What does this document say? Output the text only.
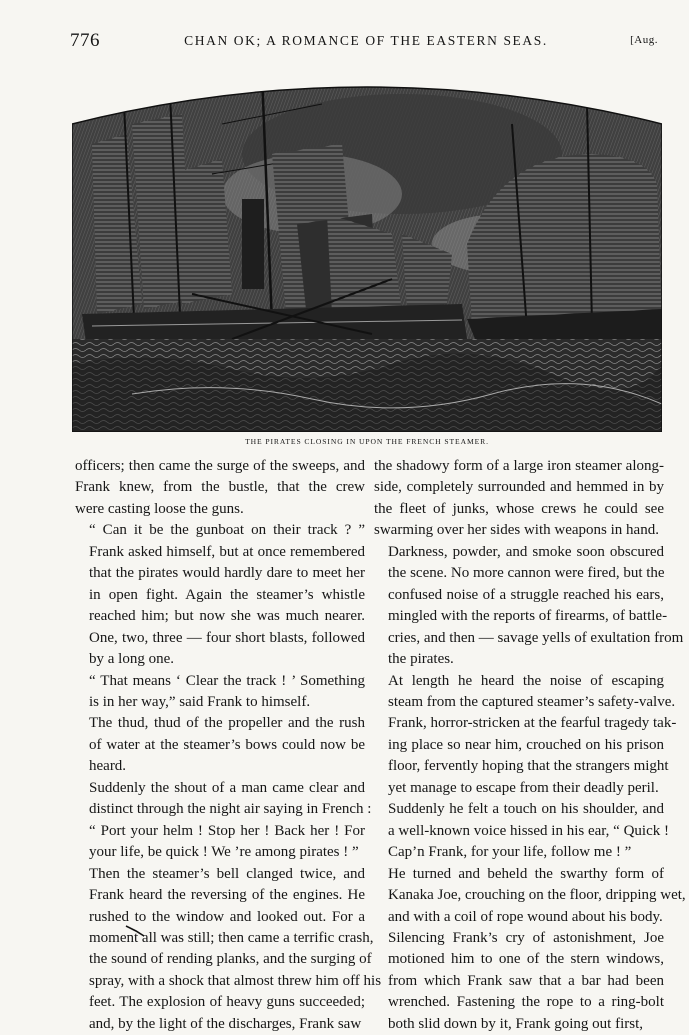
776	CHAN OK; A ROMANCE OF THE EASTERN SEAS.	[Aug.
THE PIRATES CLOSING IN UPON THE FRENCH STEAMER.

officers; then came the surge of the sweeps, and
Frank knew, from the bustle, that the crew
were casting loose the guns.

“ Can it be the gunboat on their track ? ”
Frank asked himself, but at once remembered
that the pirates would hardly dare to meet her
in open fight. Again the steamer’s whistle
reached him; but now she was much nearer.
One, two, three — four short blasts, followed
by a long one.

“ That means ‘ Clear the track ! ’ Something
is in her way,” said Frank to himself.

The thud, thud of the propeller and the rush
of water at the steamer’s bows could now be
heard.

Suddenly the shout of a man came clear and
distinct through the night air saying in French :

“ Port your helm ! Stop her ! Back her ! For
your life, be quick ! We ’re among pirates ! ”

Then the steamer’s bell clanged twice, and
Frank heard the reversing of the engines. He
rushed to the window and looked out. For a
moment all was still; then came a terrific crash,
the sound of rending planks, and the surging of
spray, with a shock that almost threw him off his
feet. The explosion of heavy guns succeeded;
and, by the light of the discharges, Frank saw

the shadowy form of a large iron steamer along-
side, completely surrounded and hemmed in by
the fleet of junks, whose crews he could see
swarming over her sides with weapons in hand.

Darkness, powder, and smoke soon obscured
the scene. No more cannon were fired, but the
confused noise of a struggle reached his ears,
mingled with the reports of firearms, of battle-
cries, and then — savage yells of exultation from
the pirates.

At length he heard the noise of escaping
steam from the captured steamer’s safety-valve.
Frank, horror-stricken at the fearful tragedy tak-
ing place so near him, crouched on his prison
floor, fervently hoping that the strangers might
yet manage to escape from their deadly peril.

Suddenly he felt a touch on his shoulder, and
a well-known voice hissed in his ear, “ Quick !
Cap’n Frank, for your life, follow me ! ”

He turned and beheld the swarthy form of
Kanaka Joe, crouching on the floor, dripping wet,
and with a coil of rope wound about his body.

Silencing Frank’s cry of astonishment, Joe
motioned him to one of the stern windows,
from which Frank saw that a bar had been
wrenched. Fastening the rope to a ring-bolt
both slid down by it, Frank going out first,
